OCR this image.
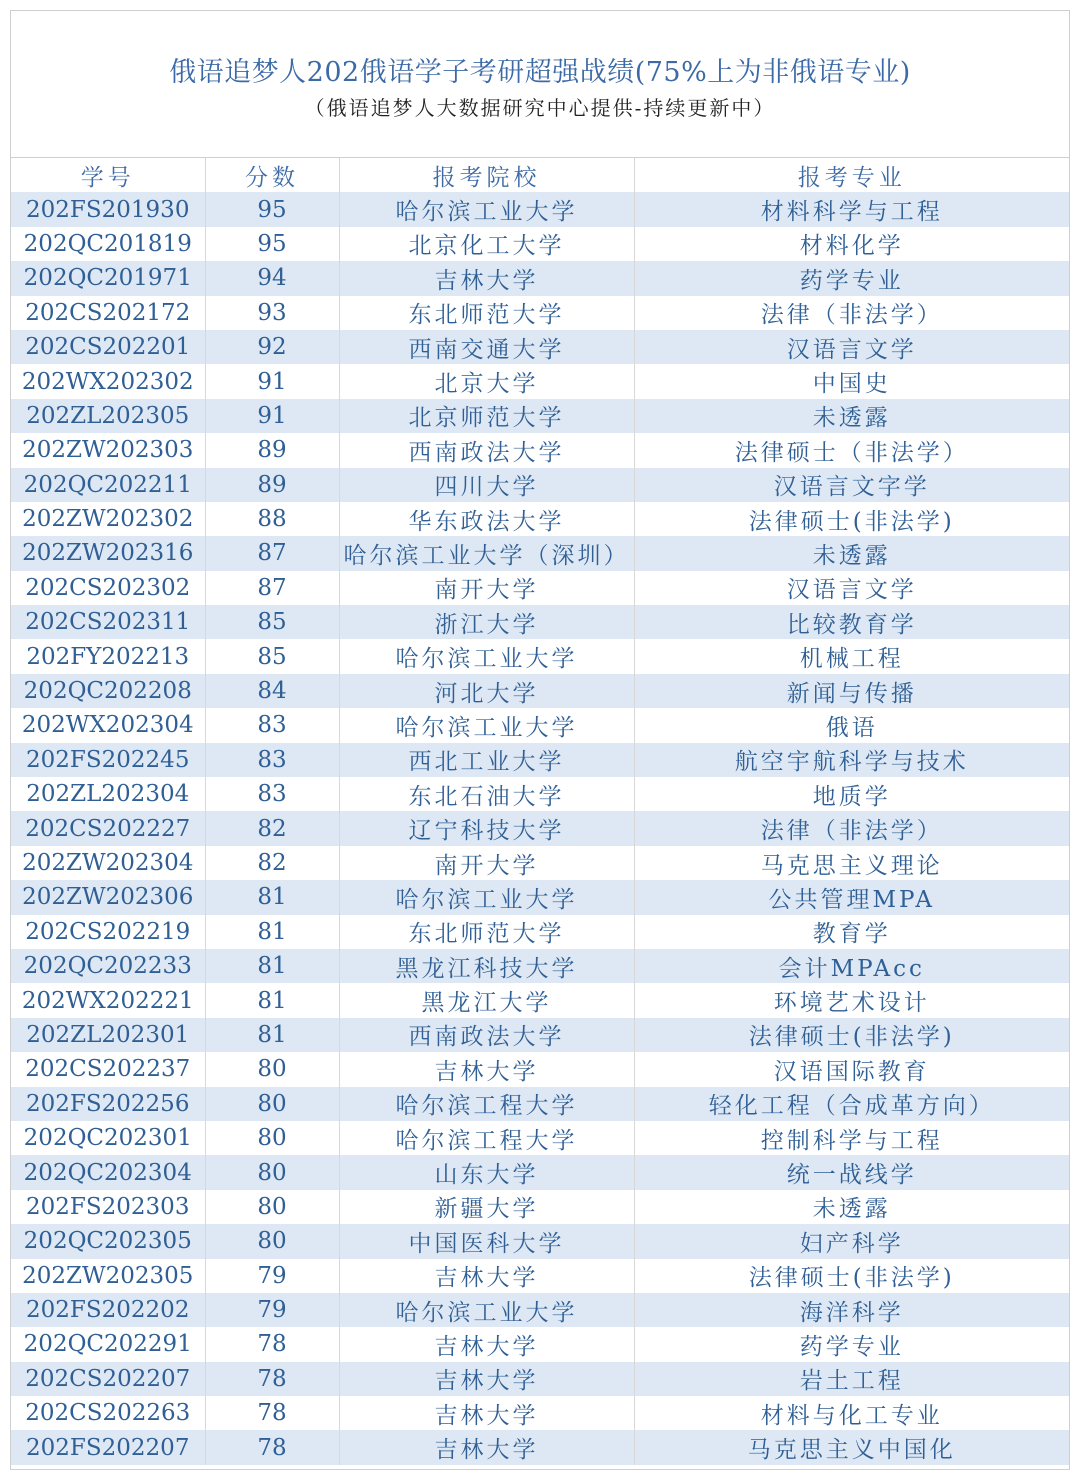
俄语追梦人202俄语学子考研超强战绩(75%上为非俄语专业)
（俄语追梦人大数据研究中心提供-持续更新中）
学号	分数	报考院校	报考专业
202FS201930	95	哈尔滨工业大学	材料科学与工程
202QC201819	95	北京化工大学	材料化学
202QC201971	94	吉林大学	药学专业
202CS202172	93	东北师范大学	法律（非法学）
202CS202201	92	西南交通大学	汉语言文学
202WX202302	91	北京大学	中国史
202ZL202305	91	北京师范大学	未透露
202ZW202303	89	西南政法大学	法律硕士（非法学）
202QC202211	89	四川大学	汉语言文字学
202ZW202302	88	华东政法大学	法律硕士(非法学)
202ZW202316	87	哈尔滨工业大学（深圳）	未透露
202CS202302	87	南开大学	汉语言文学
202CS202311	85	浙江大学	比较教育学
202FY202213	85	哈尔滨工业大学	机械工程
202QC202208	84	河北大学	新闻与传播
202WX202304	83	哈尔滨工业大学	俄语
202FS202245	83	西北工业大学	航空宇航科学与技术
202ZL202304	83	东北石油大学	地质学
202CS202227	82	辽宁科技大学	法律（非法学）
202ZW202304	82	南开大学	马克思主义理论
202ZW202306	81	哈尔滨工业大学	公共管理MPA
202CS202219	81	东北师范大学	教育学
202QC202233	81	黑龙江科技大学	会计MPAcc
202WX202221	81	黑龙江大学	环境艺术设计
202ZL202301	81	西南政法大学	法律硕士(非法学)
202CS202237	80	吉林大学	汉语国际教育
202FS202256	80	哈尔滨工程大学	轻化工程（合成革方向）
202QC202301	80	哈尔滨工程大学	控制科学与工程
202QC202304	80	山东大学	统一战线学
202FS202303	80	新疆大学	未透露
202QC202305	80	中国医科大学	妇产科学
202ZW202305	79	吉林大学	法律硕士(非法学)
202FS202202	79	哈尔滨工业大学	海洋科学
202QC202291	78	吉林大学	药学专业
202CS202207	78	吉林大学	岩土工程
202CS202263	78	吉林大学	材料与化工专业
202FS202207	78	吉林大学	马克思主义中国化
